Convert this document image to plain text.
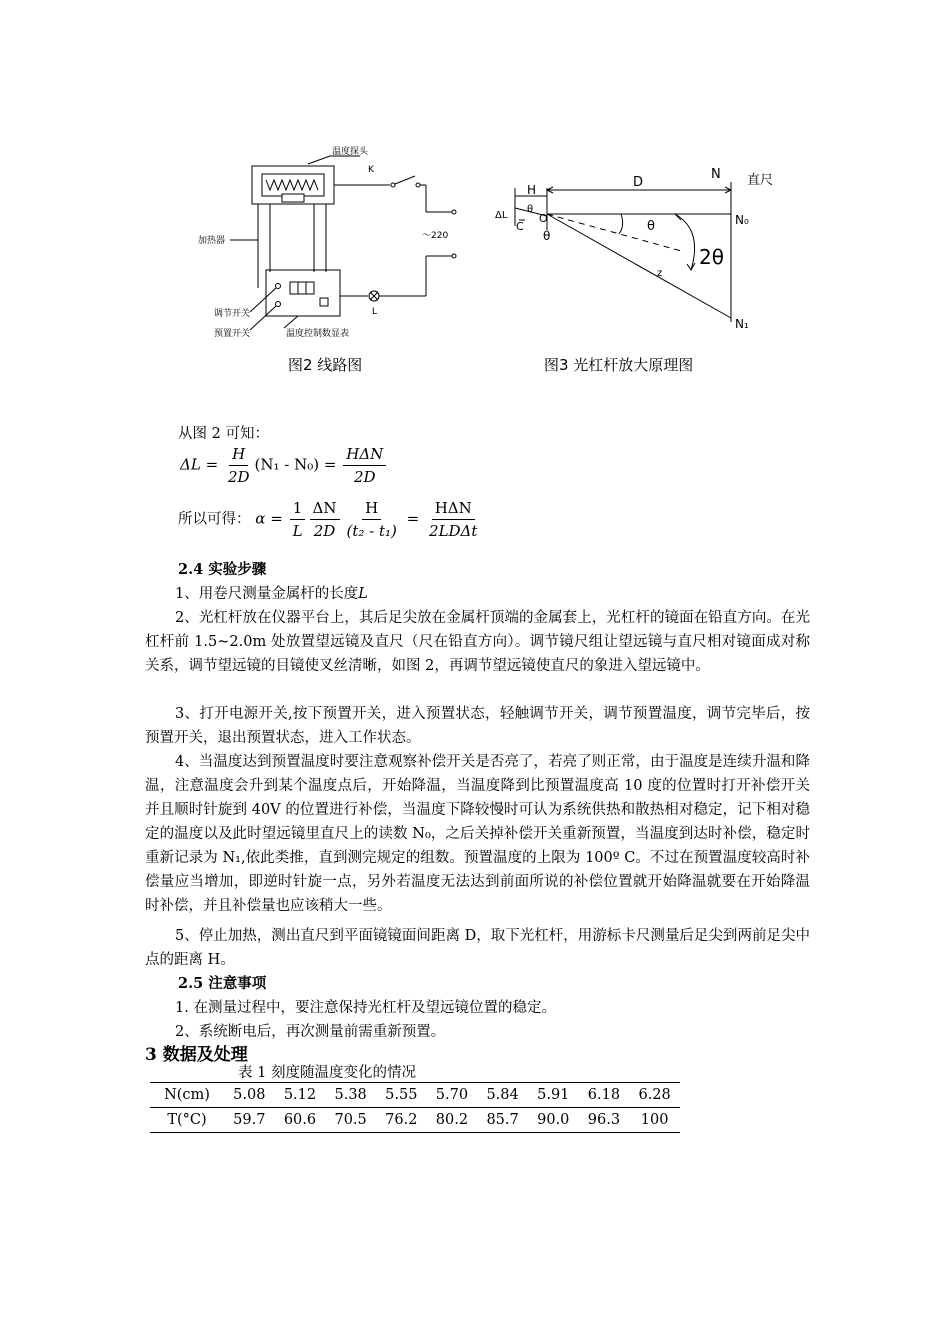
温度探头
K
加热器	～220
L
调节开关
预置开关	温度控制数显表
图2 线路图
N 直尺
H	D
ΔL
C
O
θ
θ
θ
2θ
N₀
N₁
z
图3 光杠杆放大原理图
从图 2 可知：
$\Delta L = \frac{H}{2D} (N_1 - N_0) = \frac{\text{HΔN}}{2D}$
所以可得： $\alpha = \frac{1}{L} \frac{\Delta N}{2D} \frac{H}{\text{(t₂ - t₁)}} = \frac{\text{HΔN}}{\text{2LDΔt}}$
2.4 实验步骤
1、用卷尺测量金属杆的长度L
2、光杠杆放在仪器平台上，其后足尖放在金属杆顶端的金属套上，光杠杆的镜面在铅直方向。在光杠杆前 1.5~2.0m 处放置望远镜及直尺（尺在铅直方向）。调节镜尺组让望远镜与直尺相对镜面成对称关系，调节望远镜的目镜使叉丝清晰，如图 2，再调节望远镜使直尺的象进入望远镜中。
3、打开电源开关,按下预置开关，进入预置状态，轻触调节开关，调节预置温度，调节完毕后，按预置开关，退出预置状态，进入工作状态。
4、当温度达到预置温度时要注意观察补偿开关是否亮了，若亮了则正常，由于温度是连续升温和降温，注意温度会升到某个温度点后，开始降温，当温度降到比预置温度高 10 度的位置时打开补偿开关并且顺时针旋到 40V 的位置进行补偿，当温度下降较慢时可认为系统供热和散热相对稳定，记下相对稳定的温度以及此时望远镜里直尺上的读数 N₀，之后关掉补偿开关重新预置，当温度到达时补偿，稳定时重新记录为 N₁,依此类推，直到测完规定的组数。预置温度的上限为 100º C。不过在预置温度较高时补偿量应当增加，即逆时针旋一点，另外若温度无法达到前面所说的补偿位置就开始降温就要在开始降温时补偿，并且补偿量也应该稍大一些。
5、停止加热，测出直尺到平面镜镜面间距离 D，取下光杠杆，用游标卡尺测量后足尖到两前足尖中点的距离 H。
2.5 注意事项
1. 在测量过程中，要注意保持光杠杆及望远镜位置的稳定。
2、系统断电后，再次测量前需重新预置。
3 数据及处理
表 1 刻度随温度变化的情况
N(cm)	5.08	5.12	5.38	5.55	5.70	5.84	5.91	6.18	6.28
T(°C)	59.7	60.6	70.5	76.2	80.2	85.7	90.0	96.3	100
